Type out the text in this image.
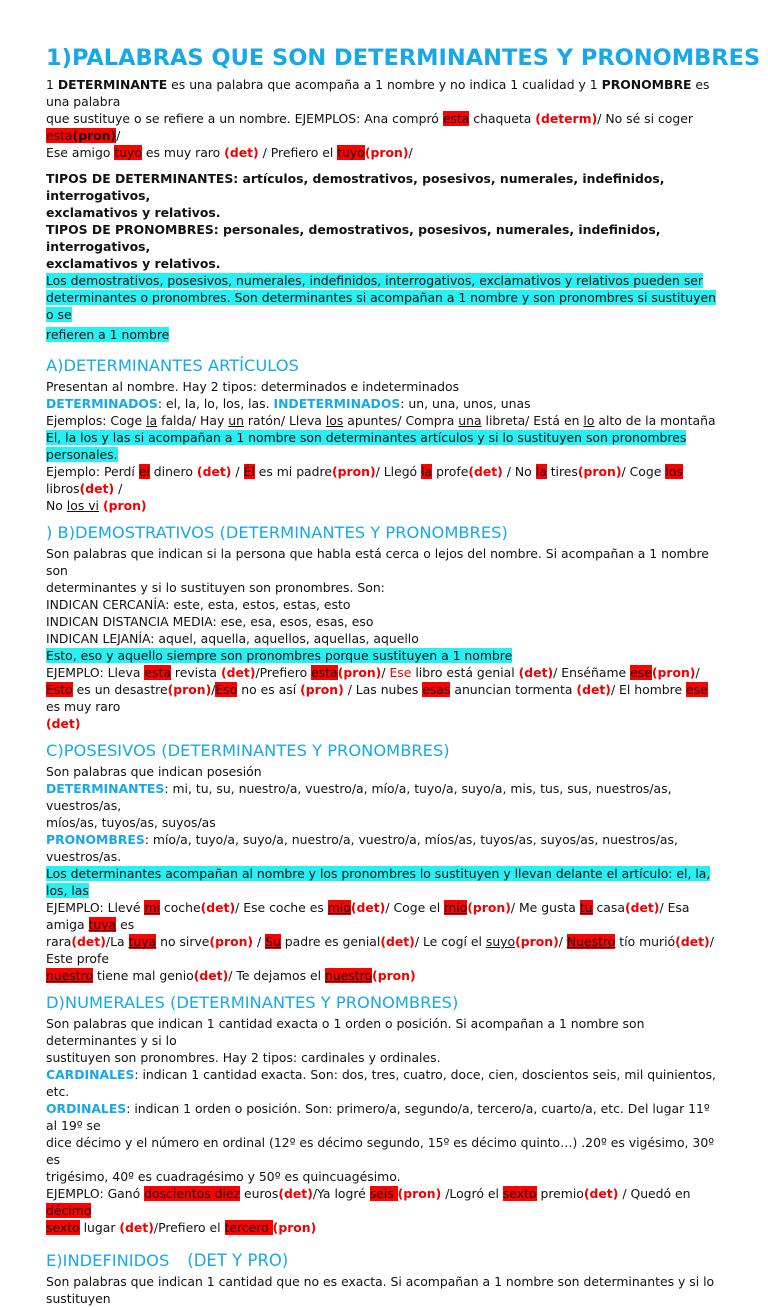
1)PALABRAS QUE SON DETERMINANTES Y PRONOMBRES

1 DETERMINANTE es una palabra que acompaña a 1 nombre y no indica 1 cualidad y 1 PRONOMBRE es una palabra

que sustituye o se refiere a un nombre. EJEMPLOS: Ana compró esta chaqueta (determ)/ No sé si coger esta(pron)/

Ese amigo tuyo es muy raro (det) / Prefiero el tuyo(pron)/

TIPOS DE DETERMINANTES: artículos, demostrativos, posesivos, numerales, indefinidos, interrogativos,

exclamativos y relativos.

TIPOS DE PRONOMBRES: personales, demostrativos, posesivos, numerales, indefinidos, interrogativos,

exclamativos y relativos.

Los demostrativos, posesivos, numerales, indefinidos, interrogativos, exclamativos y relativos pueden ser

determinantes o pronombres. Son determinantes si acompañan a 1 nombre y son pronombres si sustituyen o se

refieren a 1 nombre

A)DETERMINANTES ARTÍCULOS

Presentan al nombre. Hay 2 tipos: determinados e indeterminados

DETERMINADOS: el, la, lo, los, las. INDETERMINADOS: un, una, unos, unas

Ejemplos: Coge la falda/ Hay un ratón/ Lleva los apuntes/ Compra una libreta/ Está en lo alto de la montaña

El, la los y las si acompañan a 1 nombre son determinantes artículos y si lo sustituyen son pronombres personales.

Ejemplo: Perdí el dinero (det) / Él es mi padre(pron)/ Llegó la profe(det) / No la tires(pron)/ Coge los libros(det) /

No los vi (pron)

) B)DEMOSTRATIVOS (DETERMINANTES Y PRONOMBRES)

Son palabras que indican si la persona que habla está cerca o lejos del nombre. Si acompañan a 1 nombre son

determinantes y si lo sustituyen son pronombres. Son:

INDICAN CERCANÍA: este, esta, estos, estas, esto

INDICAN DISTANCIA MEDIA: ese, esa, esos, esas, eso

INDICAN LEJANÍA: aquel, aquella, aquellos, aquellas, aquello

Esto, eso y aquello siempre son pronombres porque sustituyen a 1 nombre

EJEMPLO: Lleva esta revista (det)/Prefiero esta(pron)/ Ese libro está genial (det)/ Enséñame ese(pron)/

Esto es un desastre(pron)/Eso no es así (pron) / Las nubes esas anuncian tormenta (det)/ El hombre ese es muy raro

(det)

C)POSESIVOS (DETERMINANTES Y PRONOMBRES)

Son palabras que indican posesión

DETERMINANTES: mi, tu, su, nuestro/a, vuestro/a, mío/a, tuyo/a, suyo/a, mis, tus, sus, nuestros/as, vuestros/as,

míos/as, tuyos/as, suyos/as

PRONOMBRES: mío/a, tuyo/a, suyo/a, nuestro/a, vuestro/a, míos/as, tuyos/as, suyos/as, nuestros/as, vuestros/as.

Los determinantes acompañan al nombre y los pronombres lo sustituyen y llevan delante el artículo: el, la, los, las

EJEMPLO: Llevé mi coche(det)/ Ese coche es mío(det)/ Coge el mío(pron)/ Me gusta tu casa(det)/ Esa amiga tuya es

rara(det)/La tuya no sirve(pron) / Su padre es genial(det)/ Le cogí el suyo(pron)/ Nuestro tío murió(det)/ Este profe

nuestro tiene mal genio(det)/ Te dejamos el nuestro(pron)

D)NUMERALES (DETERMINANTES Y PRONOMBRES)

Son palabras que indican 1 cantidad exacta o 1 orden o posición. Si acompañan a 1 nombre son determinantes y si lo

sustituyen son pronombres. Hay 2 tipos: cardinales y ordinales.

CARDINALES: indican 1 cantidad exacta. Son: dos, tres, cuatro, doce, cien, doscientos seis, mil quinientos, etc.

ORDINALES: indican 1 orden o posición. Son: primero/a, segundo/a, tercero/a, cuarto/a, etc. Del lugar 11º al 19º se

dice décimo y el número en ordinal (12º es décimo segundo, 15º es décimo quinto…) .20º es vigésimo, 30º es

trigésimo, 40º es cuadragésimo y 50º es quincuagésimo.

EJEMPLO: Ganó doscientos diez euros(det)/Ya logré seis (pron) /Logró el sexto premio(det) / Quedó en décimo

sexto lugar (det)/Prefiero el tercero (pron)

E)INDEFINIDOS (DET Y PRO)

Son palabras que indican 1 cantidad que no es exacta. Si acompañan a 1 nombre son determinantes y si lo sustituyen
